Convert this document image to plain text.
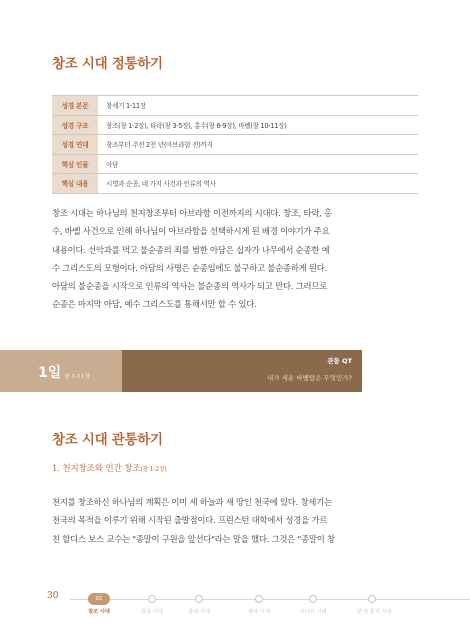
창조 시대 정통하기
성경 본문	창세기 1-11장
성경 구조	창조(창 1-2장), 타락(창 3-5장), 홍수(창 6-9장), 바벨(창 10-11장)
성경 연대	창조부터 주전 2천 년(아브라함 전)까지
핵심 인물	아담
핵심 내용	시명과 순종, 네 가지 사건과 인류의 역사
창조 시대는 하나님의 천지창조부터 아브라함 이전까지의 시대다. 창조, 타락, 홍
수, 바벨 사건으로 인해 하나님이 아브라함을 선택하시게 된 배경 이야기가 주요
내용이다. 선악과를 먹고 불순종의 죄를 범한 아담은 십자가 나무에서 순종한 예
수 그리스도의 모형이다. 아담의 사명은 순종임에도 불구하고 불순종하게 된다.
아담의 불순종을 시작으로 인류의 역사는 불순종의 역사가 되고 만다. 그러므로
순종은 마지막 아담, 예수 그리스도를 통해서만 할 수 있다.
1일 창 1-11장
관통 QT
내가 세운 바벨탑은 무엇인가?
창조 시대 관통하기
1. 천지창조와 인간 창조(창 1-2장)
천지를 창조하신 하나님의 계획은 이미 세 하늘과 새 땅인 천국에 있다. 창세기는
천국의 목적을 이루기 위해 시작된 출발점이다. 프린스턴 대학에서 성경을 가르
친 할디스 보스 교수는 "종말이 구원을 앞선다"라는 말을 했다. 그것은 "종말이 창
30	01
창조 시대	족장 시대	출애 시대	광야 시대	가나안 시대	왕 정 통치 시대
